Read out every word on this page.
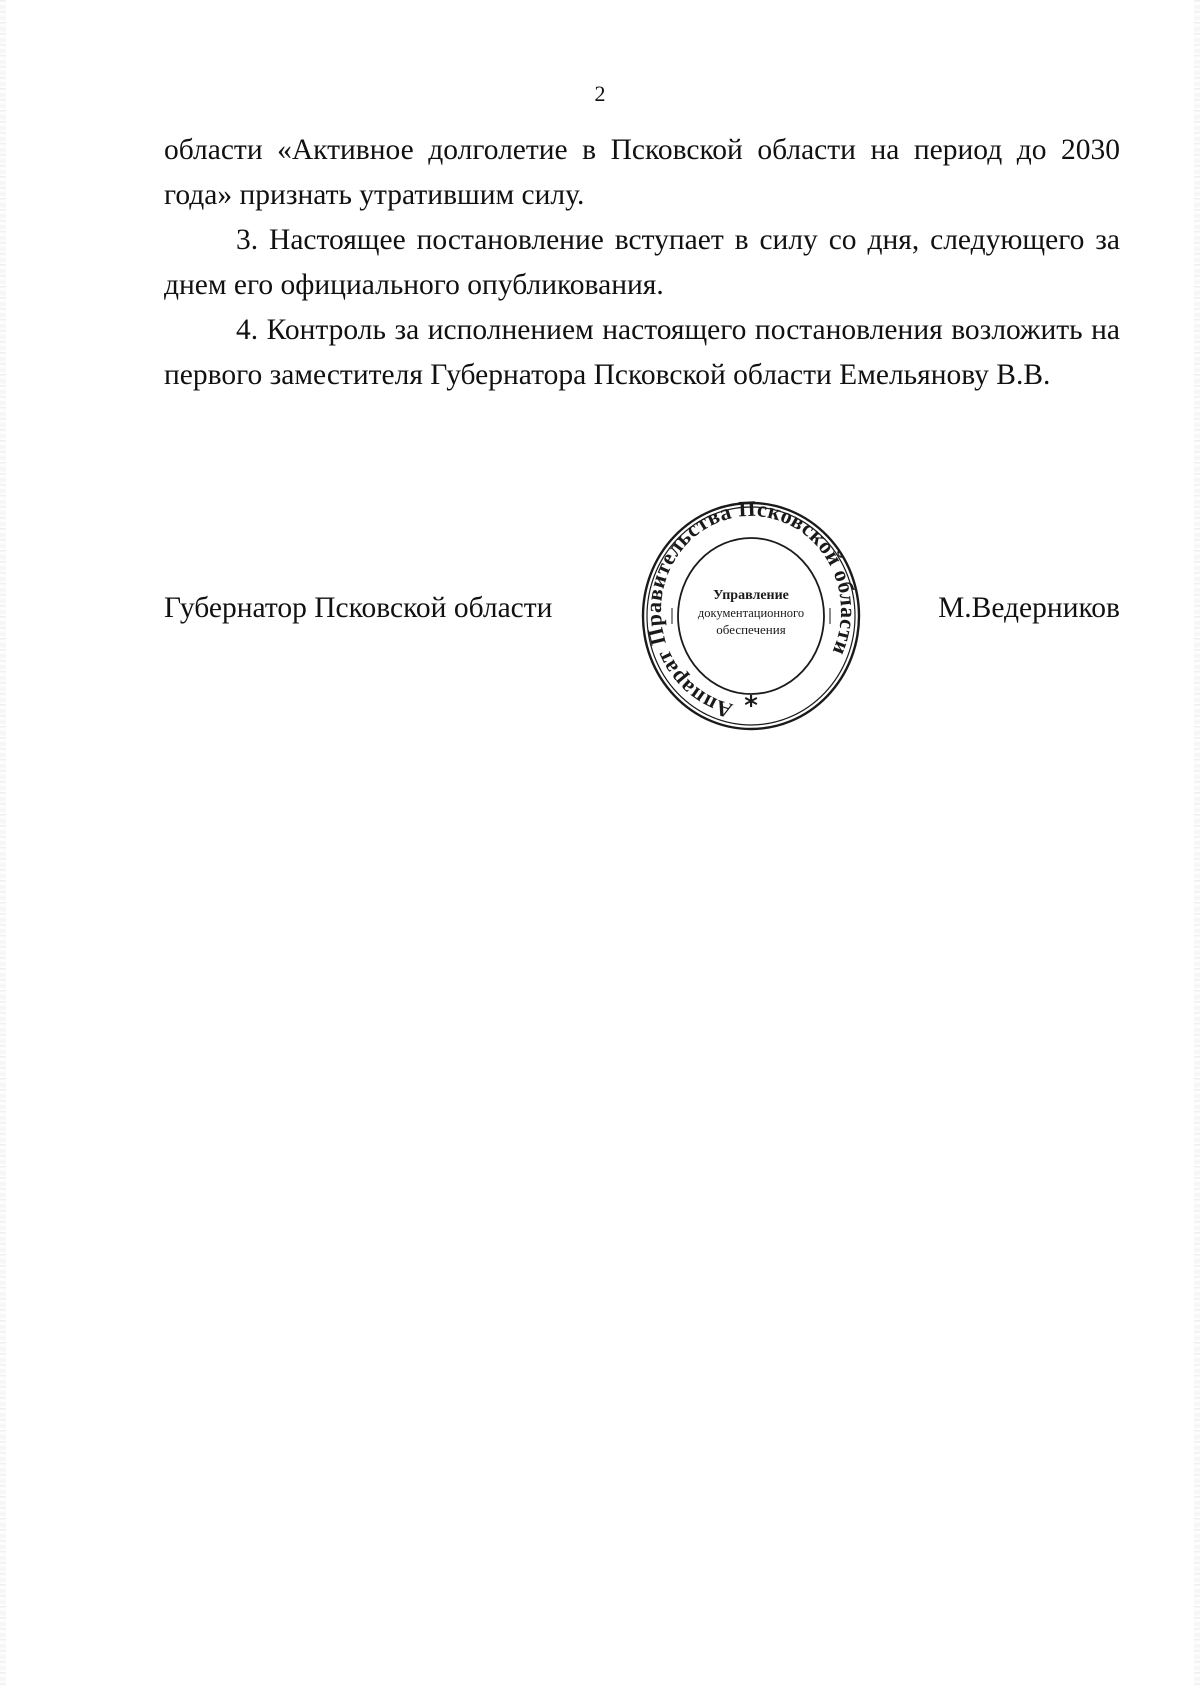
2

области «Активное долголетие в Псковской области на период до 2030 года» признать утратившим силу.

3. Настоящее постановление вступает в силу со дня, следующего за днем его официального опубликования.

4. Контроль за исполнением настоящего постановления возложить на первого заместителя Губернатора Псковской области Емельянову В.В.

Губернатор Псковской области	М.Ведерников
Аппарат Правительства Псковской области
Управление
документационного
обеспечения
*
